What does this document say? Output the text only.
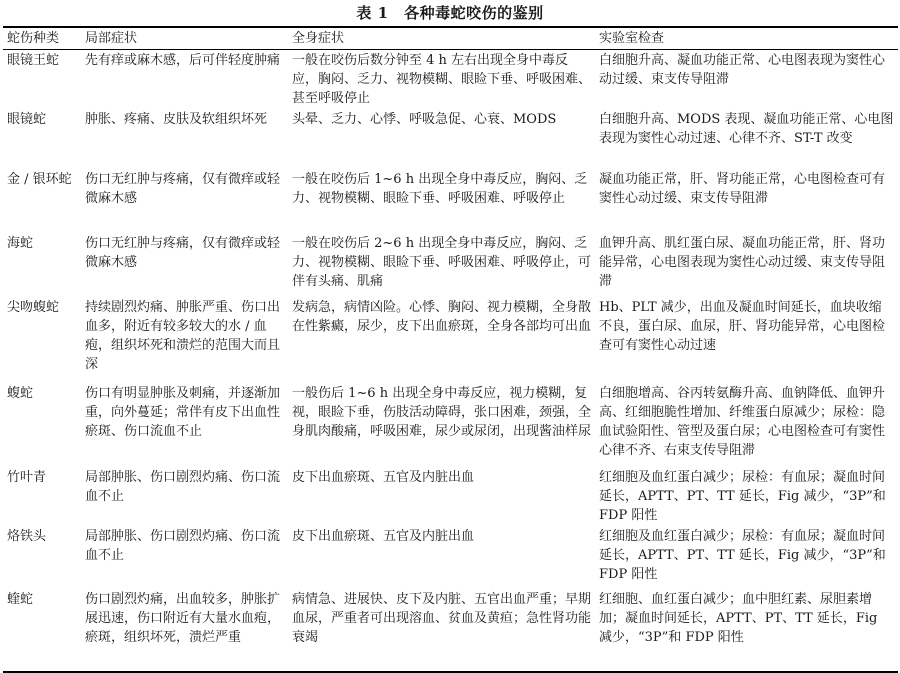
表 1　各种毒蛇咬伤的鉴别
蛇伤种类	局部症状	全身症状	实验室检查
眼镜王蛇	先有痒或麻木感，后可伴轻度肿痛	一般在咬伤后数分钟至 4 h 左右出现全身中毒反应，胸闷、乏力、视物模糊、眼睑下垂、呼吸困难、甚至呼吸停止	白细胞升高、凝血功能正常、心电图表现为窦性心动过缓、束支传导阻滞
眼镜蛇	肿胀、疼痛、皮肤及软组织坏死	头晕、乏力、心悸、呼吸急促、心衰、MODS	白细胞升高、MODS 表现、凝血功能正常、心电图表现为窦性心动过速、心律不齐、ST-T 改变
金 / 银环蛇	伤口无红肿与疼痛，仅有微痒或轻微麻木感	一般在咬伤后 1~6 h 出现全身中毒反应，胸闷、乏力、视物模糊、眼睑下垂、呼吸困难、呼吸停止	凝血功能正常，肝、肾功能正常，心电图检查可有窦性心动过缓、束支传导阻滞
海蛇	伤口无红肿与疼痛，仅有微痒或轻微麻木感	一般在咬伤后 2~6 h 出现全身中毒反应，胸闷、乏力、视物模糊、眼睑下垂、呼吸困难、呼吸停止，可伴有头痛、肌痛	血钾升高、肌红蛋白尿、凝血功能正常，肝、肾功能异常，心电图表现为窦性心动过缓、束支传导阻滞
尖吻蝮蛇	持续剧烈灼痛、肿胀严重、伤口出血多，附近有较多较大的水 / 血疱，组织坏死和溃烂的范围大而且深	发病急，病情凶险。心悸、胸闷、视力模糊，全身散在性紫癜，尿少，皮下出血瘀斑，全身各部均可出血	Hb、PLT 减少，出血及凝血时间延长，血块收缩不良，蛋白尿、血尿，肝、肾功能异常，心电图检查可有窦性心动过速
蝮蛇	伤口有明显肿胀及刺痛，并逐渐加重，向外蔓延；常伴有皮下出血性瘀斑、伤口流血不止	一般伤后 1~6 h 出现全身中毒反应，视力模糊，复视，眼睑下垂，伤肢活动障碍，张口困难，颈强，全身肌肉酸痛，呼吸困难，尿少或尿闭，出现酱油样尿	白细胞增高、谷丙转氨酶升高、血钠降低、血钾升高、红细胞脆性增加、纤维蛋白原减少；尿检：隐血试验阳性、管型及蛋白尿；心电图检查可有窦性心律不齐、右束支传导阻滞
竹叶青	局部肿胀、伤口剧烈灼痛、伤口流血不止	皮下出血瘀斑、五官及内脏出血	红细胞及血红蛋白减少；尿检：有血尿；凝血时间延长，APTT、PT、TT 延长，Fig 减少，“3P”和 FDP 阳性
烙铁头	局部肿胀、伤口剧烈灼痛、伤口流血不止	皮下出血瘀斑、五官及内脏出血	红细胞及血红蛋白减少；尿检：有血尿；凝血时间延长，APTT、PT、TT 延长，Fig 减少，“3P”和 FDP 阳性
蝰蛇	伤口剧烈灼痛，出血较多，肿胀扩展迅速，伤口附近有大量水血疱，瘀斑，组织坏死，溃烂严重	病情急、进展快、皮下及内脏、五官出血严重；早期血尿，严重者可出现溶血、贫血及黄疸；急性肾功能衰竭	红细胞、血红蛋白减少；血中胆红素、尿胆素增加；凝血时间延长，APTT、PT、TT 延长，Fig 减少，“3P”和 FDP 阳性
